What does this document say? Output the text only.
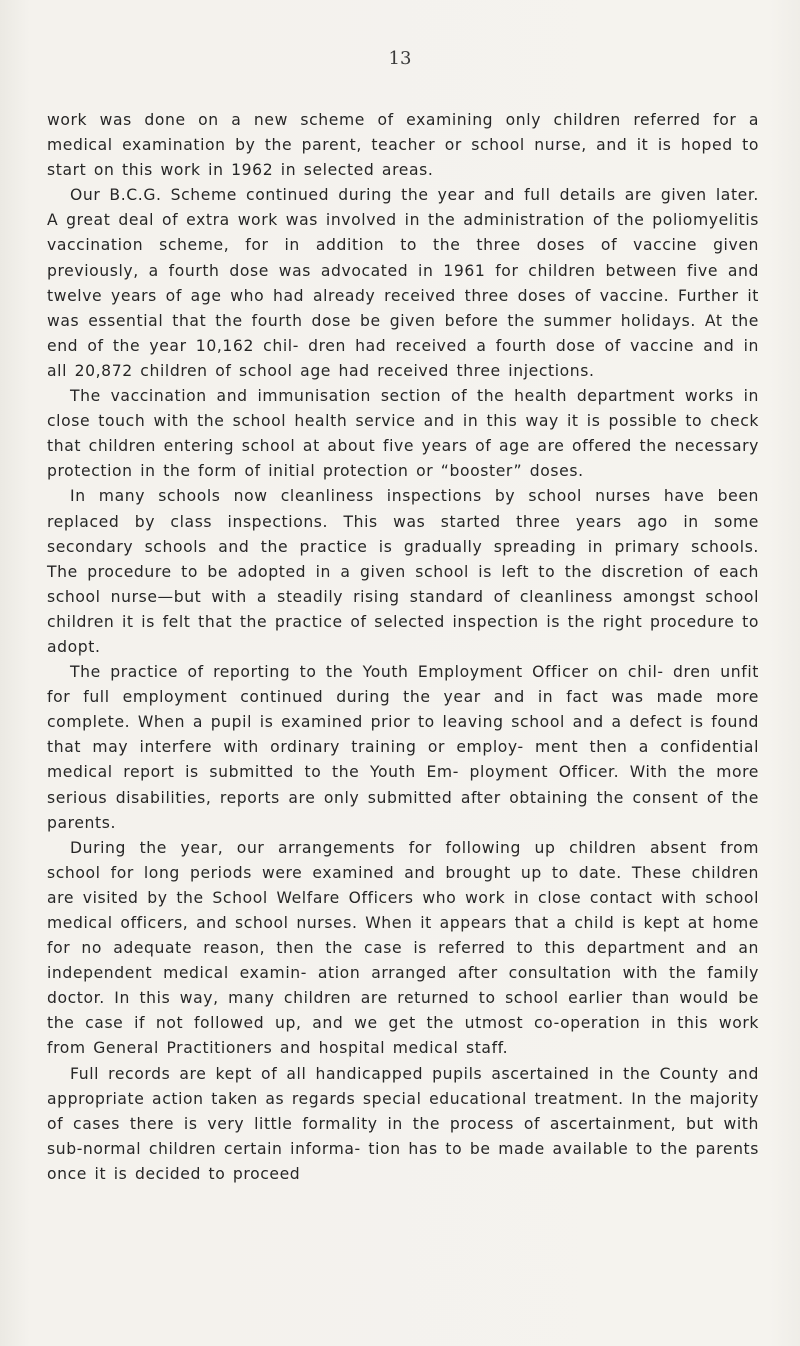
13

work was done on a new scheme of examining only children referred for a medical examination by the parent, teacher or school nurse, and it is hoped to start on this work in 1962 in selected areas.

Our B.C.G. Scheme continued during the year and full details are given later. A great deal of extra work was involved in the administration of the poliomyelitis vaccination scheme, for in addition to the three doses of vaccine given previously, a fourth dose was advocated in 1961 for children between five and twelve years of age who had already received three doses of vaccine. Further it was essential that the fourth dose be given before the summer holidays. At the end of the year 10,162 chil- dren had received a fourth dose of vaccine and in all 20,872 children of school age had received three injections.

The vaccination and immunisation section of the health department works in close touch with the school health service and in this way it is possible to check that children entering school at about five years of age are offered the necessary protection in the form of initial protection or “booster” doses.

In many schools now cleanliness inspections by school nurses have been replaced by class inspections. This was started three years ago in some secondary schools and the practice is gradually spreading in primary schools. The procedure to be adopted in a given school is left to the discretion of each school nurse—but with a steadily rising standard of cleanliness amongst school children it is felt that the practice of selected inspection is the right procedure to adopt.

The practice of reporting to the Youth Employment Officer on chil- dren unfit for full employment continued during the year and in fact was made more complete. When a pupil is examined prior to leaving school and a defect is found that may interfere with ordinary training or employ- ment then a confidential medical report is submitted to the Youth Em- ployment Officer. With the more serious disabilities, reports are only submitted after obtaining the consent of the parents.

During the year, our arrangements for following up children absent from school for long periods were examined and brought up to date. These children are visited by the School Welfare Officers who work in close contact with school medical officers, and school nurses. When it appears that a child is kept at home for no adequate reason, then the case is referred to this department and an independent medical examin- ation arranged after consultation with the family doctor. In this way, many children are returned to school earlier than would be the case if not followed up, and we get the utmost co-operation in this work from General Practitioners and hospital medical staff.

Full records are kept of all handicapped pupils ascertained in the County and appropriate action taken as regards special educational treatment. In the majority of cases there is very little formality in the process of ascertainment, but with sub-normal children certain informa- tion has to be made available to the parents once it is decided to proceed
